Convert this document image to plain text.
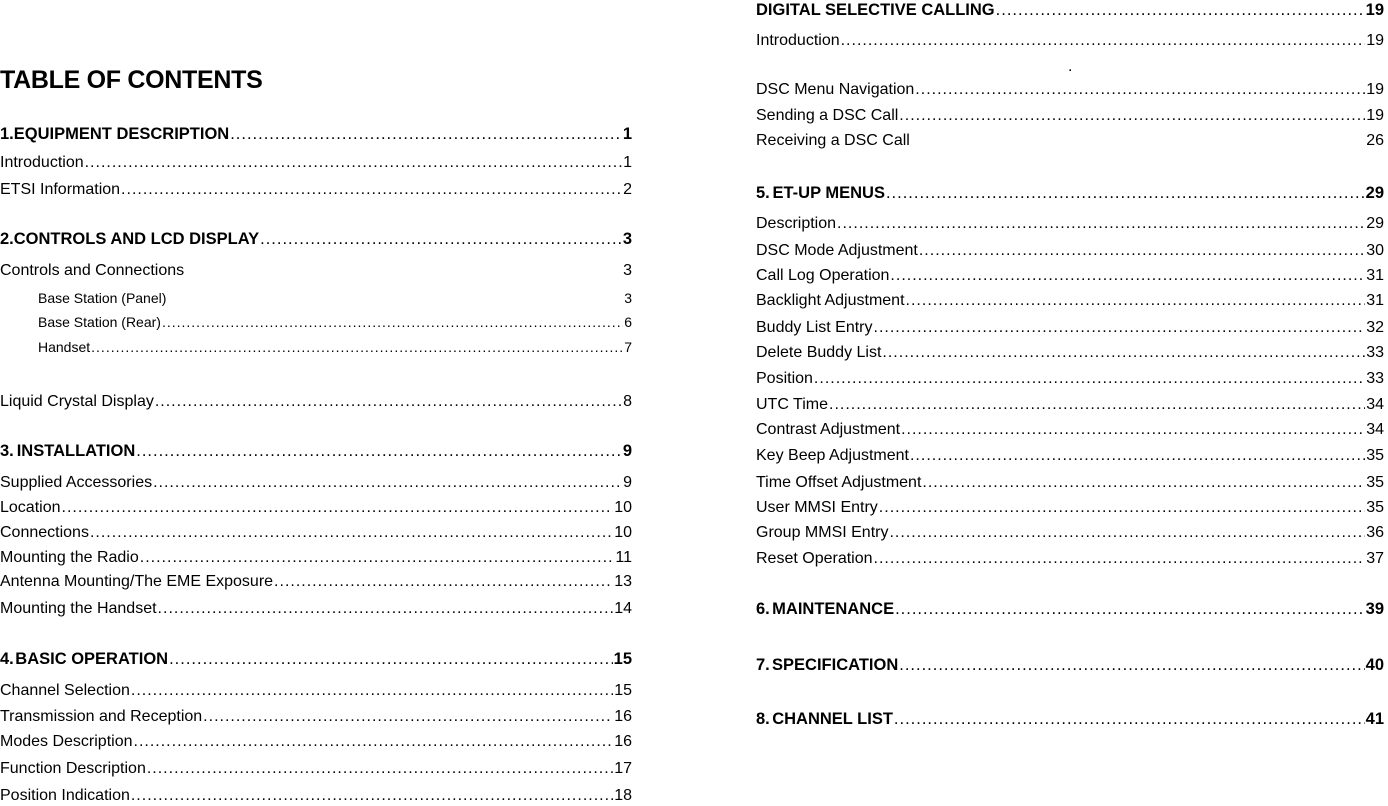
TABLE OF CONTENTS
1. EQUIPMENT DESCRIPTION .....	1
Introduction .....	1
ETSI Information .....	2
2. CONTROLS AND LCD DISPLAY .....	3
Controls and Connections	3
Base Station (Panel)	3
Base Station (Rear) .....	6
Handset .....	7
Liquid Crystal Display .....	8
3. INSTALLATION .....	9
Supplied Accessories .....	9
Location .....	10
Connections .....	10
Mounting the Radio .....	11
Antenna Mounting/The EME Exposure .....	13
Mounting the Handset .....	14
4. BASIC OPERATION .....	15
Channel Selection .....	15
Transmission and Reception .....	16
Modes Description .....	16
Function Description .....	17
Position Indication .....	18
DIGITAL SELECTIVE CALLING .....	19
Introduction .....	19
DSC Menu Navigation .....	19
Sending a DSC Call .....	19
Receiving a DSC Call	26
5. ET-UP MENUS .....	29
Description .....	29
DSC Mode Adjustment .....	30
Call Log Operation .....	31
Backlight Adjustment .....	31
Buddy List Entry .....	32
Delete Buddy List .....	33
Position .....	33
UTC Time .....	34
Contrast Adjustment .....	34
Key Beep Adjustment .....	35
Time Offset Adjustment .....	35
User MMSI Entry .....	35
Group MMSI Entry .....	36
Reset Operation .....	37
6. MAINTENANCE .....	39
7. SPECIFICATION .....	40
8. CHANNEL LIST .....	41
.
